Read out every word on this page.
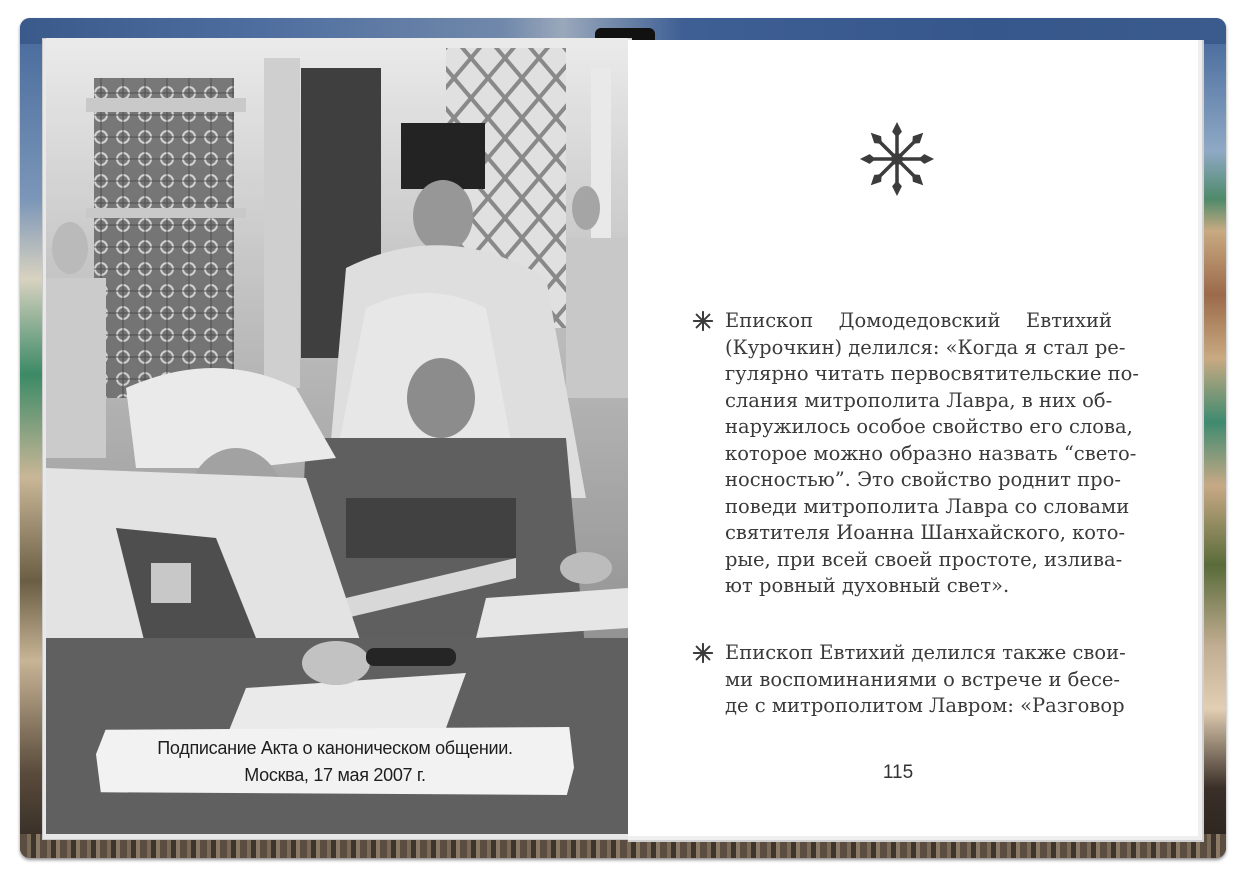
Подписание Акта о каноническом общении.
Москва, 17 мая 2007 г.
Епископ Домодедовский Евтихий
(Курочкин) делился: «Когда я стал ре-
гулярно читать первосвятительские по-
слания митрополита Лавра, в них об-
наружилось особое свойство его слова,
которое можно образно назвать “свето-
носностью”. Это свойство роднит про-
поведи митрополита Лавра со словами
святителя Иоанна Шанхайского, кото-
рые, при всей своей простоте, излива-
ют ровный духовный свет».
Епископ Евтихий делился также свои-
ми воспоминаниями о встрече и бесе-
де с митрополитом Лавром: «Разговор
115
